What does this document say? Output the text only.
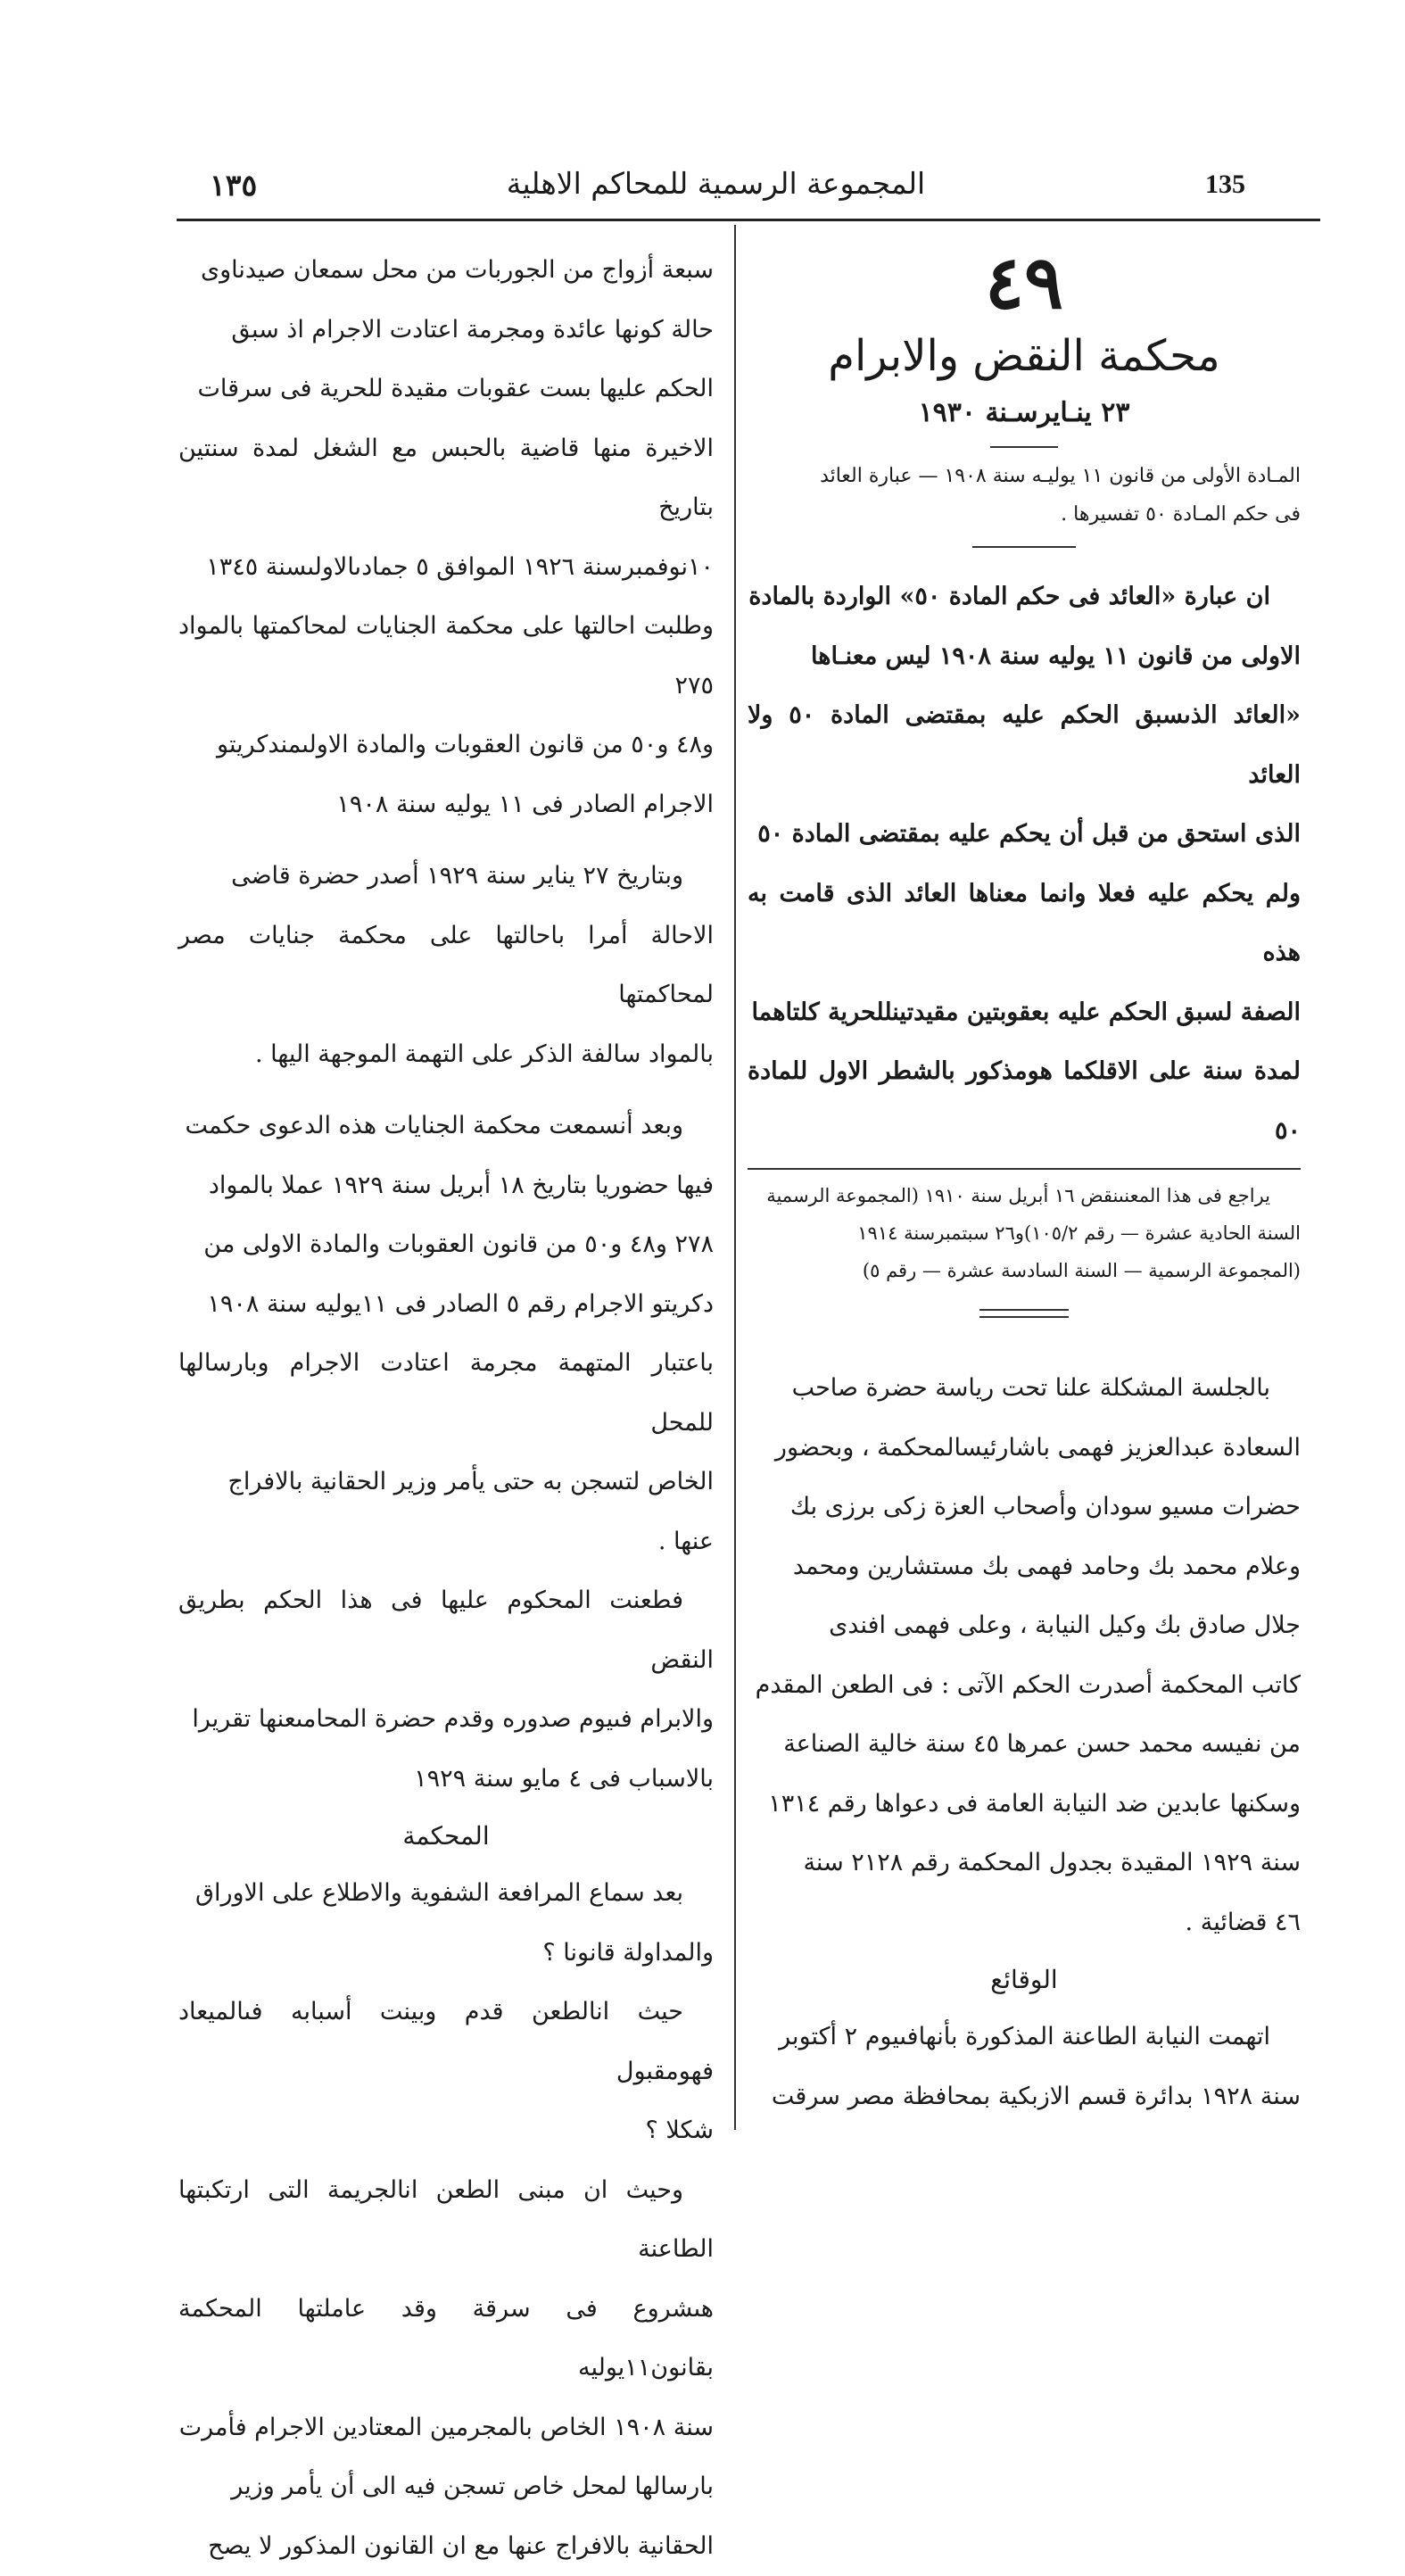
١٣٥	المجموعة الرسمية للمحاكم الاهلية	135
٤٩
محكمة النقض والابرام
٢٣ ينـايرسـنة ١٩٣٠

المـادة الأولى من قانون ١١ يوليـه سنة ١٩٠٨ — عبارة العائد

فى حكم المـادة ٥٠ تفسيرها .

ان عبارة «العائد فى حكم المادة ٥٠» الواردة بالمادة

الاولى من قانون ١١ يوليه سنة ١٩٠٨ ليس معنـاها

«العائد الذىسبق الحكم عليه بمقتضى المادة ٥٠ ولا العائد

الذى استحق من قبل أن يحكم عليه بمقتضى المادة ٥٠

ولم يحكم عليه فعلا وانما معناها العائد الذى قامت به هذه

الصفة لسبق الحكم عليه بعقوبتين مقيدتينللحرية كلتاهما

لمدة سنة على الاقلكما هومذكور بالشطر الاول للمادة ٥٠

يراجع فى هذا المعنىنقض ١٦ أبريل سنة ١٩١٠ (المجموعة الرسمية

السنة الحادية عشرة — رقم ١٠٥/٢)و٢٦ سبتمبرسنة ١٩١٤

(المجموعة الرسمية — السنة السادسة عشرة — رقم ٥)

بالجلسة المشكلة علنا تحت رياسة حضرة صاحب

السعادة عبدالعزيز فهمى باشارئيسالمحكمة ، وبحضور

حضرات مسيو سودان وأصحاب العزة زكى برزى بك

وعلام محمد بك وحامد فهمى بك مستشارين ومحمد

جلال صادق بك وكيل النيابة ، وعلى فهمى افندى

كاتب المحكمة أصدرت الحكم الآتى : فى الطعن المقدم

من نفيسه محمد حسن عمرها ٤٥ سنة خالية الصناعة

وسكنها عابدين ضد النيابة العامة فى دعواها رقم ١٣١٤

سنة ١٩٢٩ المقيدة بجدول المحكمة رقم ٢١٢٨ سنة

٤٦ قضائية .

الوقائع

اتهمت النيابة الطاعنة المذكورة بأنهافىيوم ٢ أكتوبر

سنة ١٩٢٨ بدائرة قسم الازبكية بمحافظة مصر سرقت

سبعة أزواج من الجوربات من محل سمعان صيدناوى

حالة كونها عائدة ومجرمة اعتادت الاجرام اذ سبق

الحكم عليها بست عقوبات مقيدة للحرية فى سرقات

الاخيرة منها قاضية بالحبس مع الشغل لمدة سنتين بتاريخ

١٠نوفمبرسنة ١٩٢٦ الموافق ٥ جمادىالاولىسنة ١٣٤٥

وطلبت احالتها على محكمة الجنايات لمحاكمتها بالمواد ٢٧٥

و٤٨ و٥٠ من قانون العقوبات والمادة الاولىمندكريتو

الاجرام الصادر فى ١١ يوليه سنة ١٩٠٨

وبتاريخ ٢٧ يناير سنة ١٩٢٩ أصدر حضرة قاضى

الاحالة أمرا باحالتها على محكمة جنايات مصر لمحاكمتها

بالمواد سالفة الذكر على التهمة الموجهة اليها .

وبعد أنسمعت محكمة الجنايات هذه الدعوى حكمت

فيها حضوريا بتاريخ ١٨ أبريل سنة ١٩٢٩ عملا بالمواد

٢٧٨ و٤٨ و٥٠ من قانون العقوبات والمادة الاولى من

دكريتو الاجرام رقم ٥ الصادر فى ١١يوليه سنة ١٩٠٨

باعتبار المتهمة مجرمة اعتادت الاجرام وبارسالها للمحل

الخاص لتسجن به حتى يأمر وزير الحقانية بالافراج

عنها .

فطعنت المحكوم عليها فى هذا الحكم بطريق النقض

والابرام فىيوم صدوره وقدم حضرة المحامىعنها تقريرا

بالاسباب فى ٤ مايو سنة ١٩٢٩

المحكمة

بعد سماع المرافعة الشفوية والاطلاع على الاوراق

والمداولة قانونا ؟

حيث انالطعن قدم وبينت أسبابه فىالميعاد فهومقبول

شكلا ؟

وحيث ان مبنى الطعن انالجريمة التى ارتكبتها الطاعنة

هىشروع فى سرقة وقد عاملتها المحكمة بقانون١١يوليه

سنة ١٩٠٨ الخاص بالمجرمين المعتادين الاجرام فأمرت

بارسالها لمحل خاص تسجن فيه الى أن يأمر وزير

الحقانية بالافراج عنها مع ان القانون المذكور لا يصح
